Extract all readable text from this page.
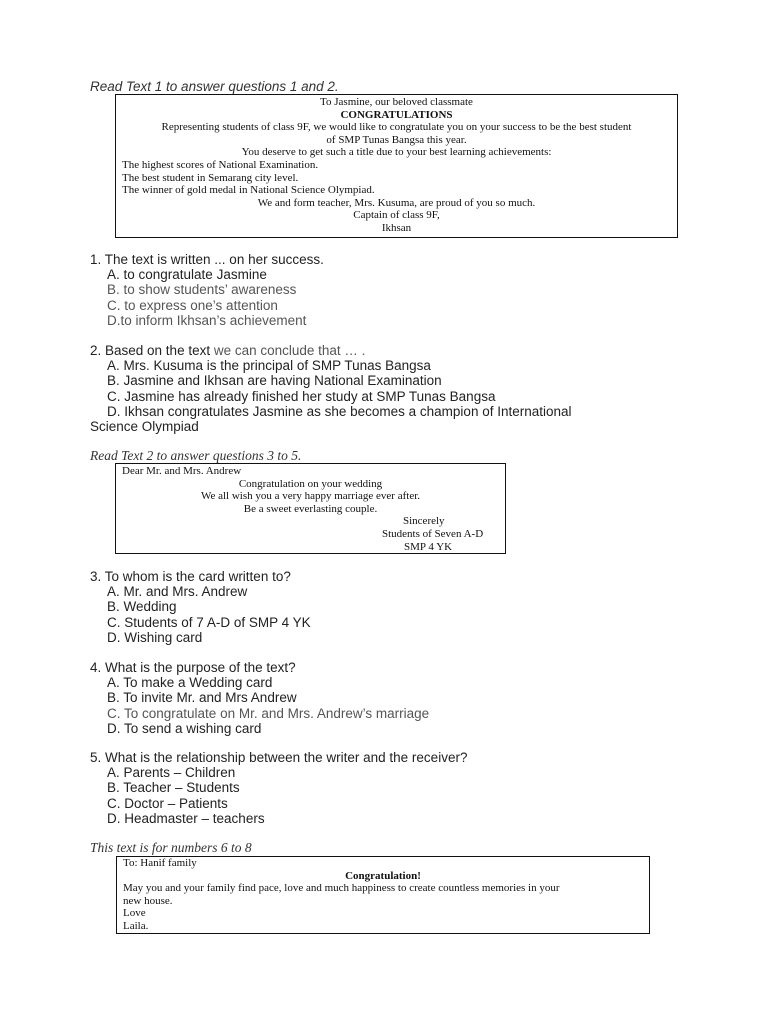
Read Text 1 to answer questions 1 and 2.
To Jasmine, our beloved classmate
CONGRATULATIONS
Representing students of class 9F, we would like to congratulate you on your success to be the best student
of SMP Tunas Bangsa this year.
You deserve to get such a title due to your best learning achievements:
The highest scores of National Examination.
The best student in Semarang city level.
The winner of gold medal in National Science Olympiad.
We and form teacher, Mrs. Kusuma, are proud of you so much.
Captain of class 9F,
Ikhsan
1. The text is written ... on her success.
A. to congratulate Jasmine
B. to show students’ awareness
C. to express one’s attention
D.to inform Ikhsan’s achievement
2. Based on the text we can conclude that … .
A. Mrs. Kusuma is the principal of SMP Tunas Bangsa
B. Jasmine and Ikhsan are having National Examination
C. Jasmine has already finished her study at SMP Tunas Bangsa
D. Ikhsan congratulates Jasmine as she becomes a champion of International
Science Olympiad
Read Text 2 to answer questions 3 to 5.
Dear Mr. and Mrs. Andrew
Congratulation on your wedding
We all wish you a very happy marriage ever after.
Be a sweet everlasting couple.
Sincerely
Students of Seven A-D
SMP 4 YK
3. To whom is the card written to?
A. Mr. and Mrs. Andrew
B. Wedding
C. Students of 7 A-D of SMP 4 YK
D. Wishing card
4. What is the purpose of the text?
A. To make a Wedding card
B. To invite Mr. and Mrs Andrew
C. To congratulate on Mr. and Mrs. Andrew’s marriage
D. To send a wishing card
5. What is the relationship between the writer and the receiver?
A. Parents – Children
B. Teacher – Students
C. Doctor – Patients
D. Headmaster – teachers
This text is for numbers 6 to 8
To: Hanif family
Congratulation!
May you and your family find pace, love and much happiness to create countless memories in your
new house.
Love
Laila.
